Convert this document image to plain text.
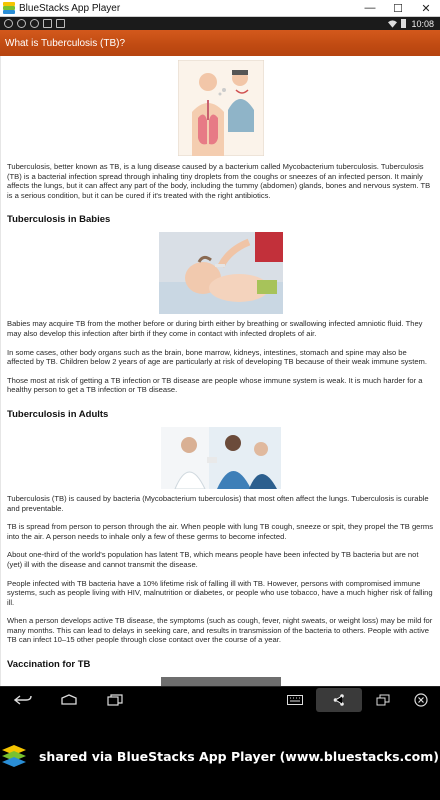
BlueStacks App Player	—	☐	✕
10:08
What is Tuberculosis (TB)?

Tuberculosis, better known as TB, is a lung disease caused by a bacterium called Mycobacterium tuberculosis. Tuberculosis (TB) is a bacterial infection spread through inhaling tiny droplets from the coughs or sneezes of an infected person. It mainly affects the lungs, but it can affect any part of the body, including the tummy (abdomen) glands, bones and nervous system. TB is a serious condition, but it can be cured if it's treated with the right antibiotics.

Tuberculosis in Babies

Babies may acquire TB from the mother before or during birth either by breathing or swallowing infected amniotic fluid. They may also develop this infection after birth if they come in contact with infected droplets of air.

In some cases, other body organs such as the brain, bone marrow, kidneys, intestines, stomach and spine may also be affected by TB. Children below 2 years of age are particularly at risk of developing TB because of their weak immune system.

Those most at risk of getting a TB infection or TB disease are people whose immune system is weak. It is much harder for a healthy person to get a TB infection or TB disease.

Tuberculosis in Adults

Tuberculosis (TB) is caused by bacteria (Mycobacterium tuberculosis) that most often affect the lungs. Tuberculosis is curable and preventable.

TB is spread from person to person through the air. When people with lung TB cough, sneeze or spit, they propel the TB germs into the air. A person needs to inhale only a few of these germs to become infected.

About one-third of the world's population has latent TB, which means people have been infected by TB bacteria but are not (yet) ill with the disease and cannot transmit the disease.

People infected with TB bacteria have a 10% lifetime risk of falling ill with TB. However, persons with compromised immune systems, such as people living with HIV, malnutrition or diabetes, or people who use tobacco, have a much higher risk of falling ill.

When a person develops active TB disease, the symptoms (such as cough, fever, night sweats, or weight loss) may be mild for many months. This can lead to delays in seeking care, and results in transmission of the bacteria to others. People with active TB can infect 10–15 other people through close contact over the course of a year.

Vaccination for TB
shared via BlueStacks App Player (www.bluestacks.com)
